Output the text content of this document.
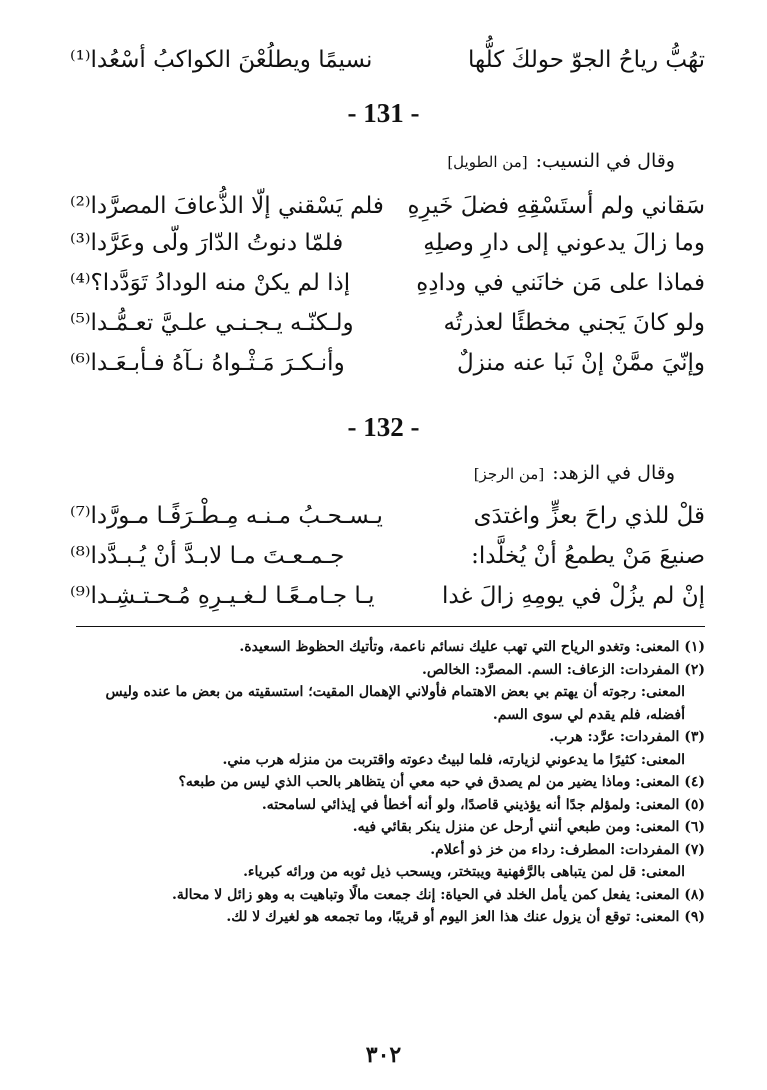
تهُبُّ رياحُ الجوّ حولكَ كلُّها
نسيمًا ويطلُعْنَ الكواكبُ أسْعُدا⁽¹⁾
- 131 -
وقال في النسيب:[من الطويل]
سَقاني ولم أستَسْقِهِ فضلَ خَيرِهِ
فلم يَسْقني إلّا الذُّعافَ المصرَّدا⁽²⁾
وما زالَ يدعوني إلى دارِ وصلِهِ
فلمّا دنوتُ الدّارَ ولّى وعَرَّدا⁽³⁾
فماذا على مَن خانَني في ودادِهِ
إذا لم يكنْ منه الودادُ تَوَدَّدا؟⁽⁴⁾
ولو كانَ يَجني مخطئًا لعذرتُه
ولـكنّـه يـجـنـي علـيَّ تعـمُّـدا⁽⁵⁾
وإنّيَ ممَّنْ إنْ نَبا عنه منزلٌ
وأنـكـرَ مَـثْـواهُ نـآهُ فـأبـعَـدا⁽⁶⁾
- 132 -
وقال في الزهد:[من الرجز]
قلْ للذي راحَ بعزٍّ واغتدَى
يـسـحـبُ مـنـه مِـطْـرَفًـا مـورَّدا⁽⁷⁾
صنيعَ مَنْ يطمعُ أنْ يُخلَّدا:
جـمـعـتَ مـا لابـدَّ أنْ يُـبـدَّدا⁽⁸⁾
إنْ لم يزُلْ في يومِهِ زالَ غدا
يـا جـامـعًـا لـغـيـرِهِ مُـحـتـشِـدا⁽⁹⁾

(١) المعنى: وتغدو الرياح التي تهب عليك نسائم ناعمة، وتأتيك الحظوظ السعيدة.

(٢) المفردات: الزعاف: السم. المصرَّد: الخالص.

المعنى: رجوته أن يهتم بي بعض الاهتمام فأولاني الإهمال المقيت؛ استسقيته من بعض ما عنده وليس أفضله، فلم يقدم لي سوى السم.

(٣) المفردات: عرَّد: هرب.

المعنى: كثيرًا ما يدعوني لزيارته، فلما لبيتُ دعوته واقتربت من منزله هرب مني.

(٤) المعنى: وماذا يضير من لم يصدق في حبه معي أن يتظاهر بالحب الذي ليس من طبعه؟

(٥) المعنى: ولمؤلم جدًا أنه يؤذيني قاصدًا، ولو أنه أخطأ في إيذائي لسامحته.

(٦) المعنى: ومن طبعي أنني أرحل عن منزل ينكر بقائي فيه.

(٧) المفردات: المطرف: رداء من خز ذو أعلام.

المعنى: قل لمن يتباهى بالرَّفهنية ويبتختر، ويسحب ذيل ثوبه من ورائه كبرياء.

(٨) المعنى: يفعل كمن يأمل الخلد في الحياة: إنك جمعت مالًا وتباهيت به وهو زائل لا محالة.

(٩) المعنى: توقع أن يزول عنك هذا العز اليوم أو قريبًا، وما تجمعه هو لغيرك لا لك.

٣٠٢
